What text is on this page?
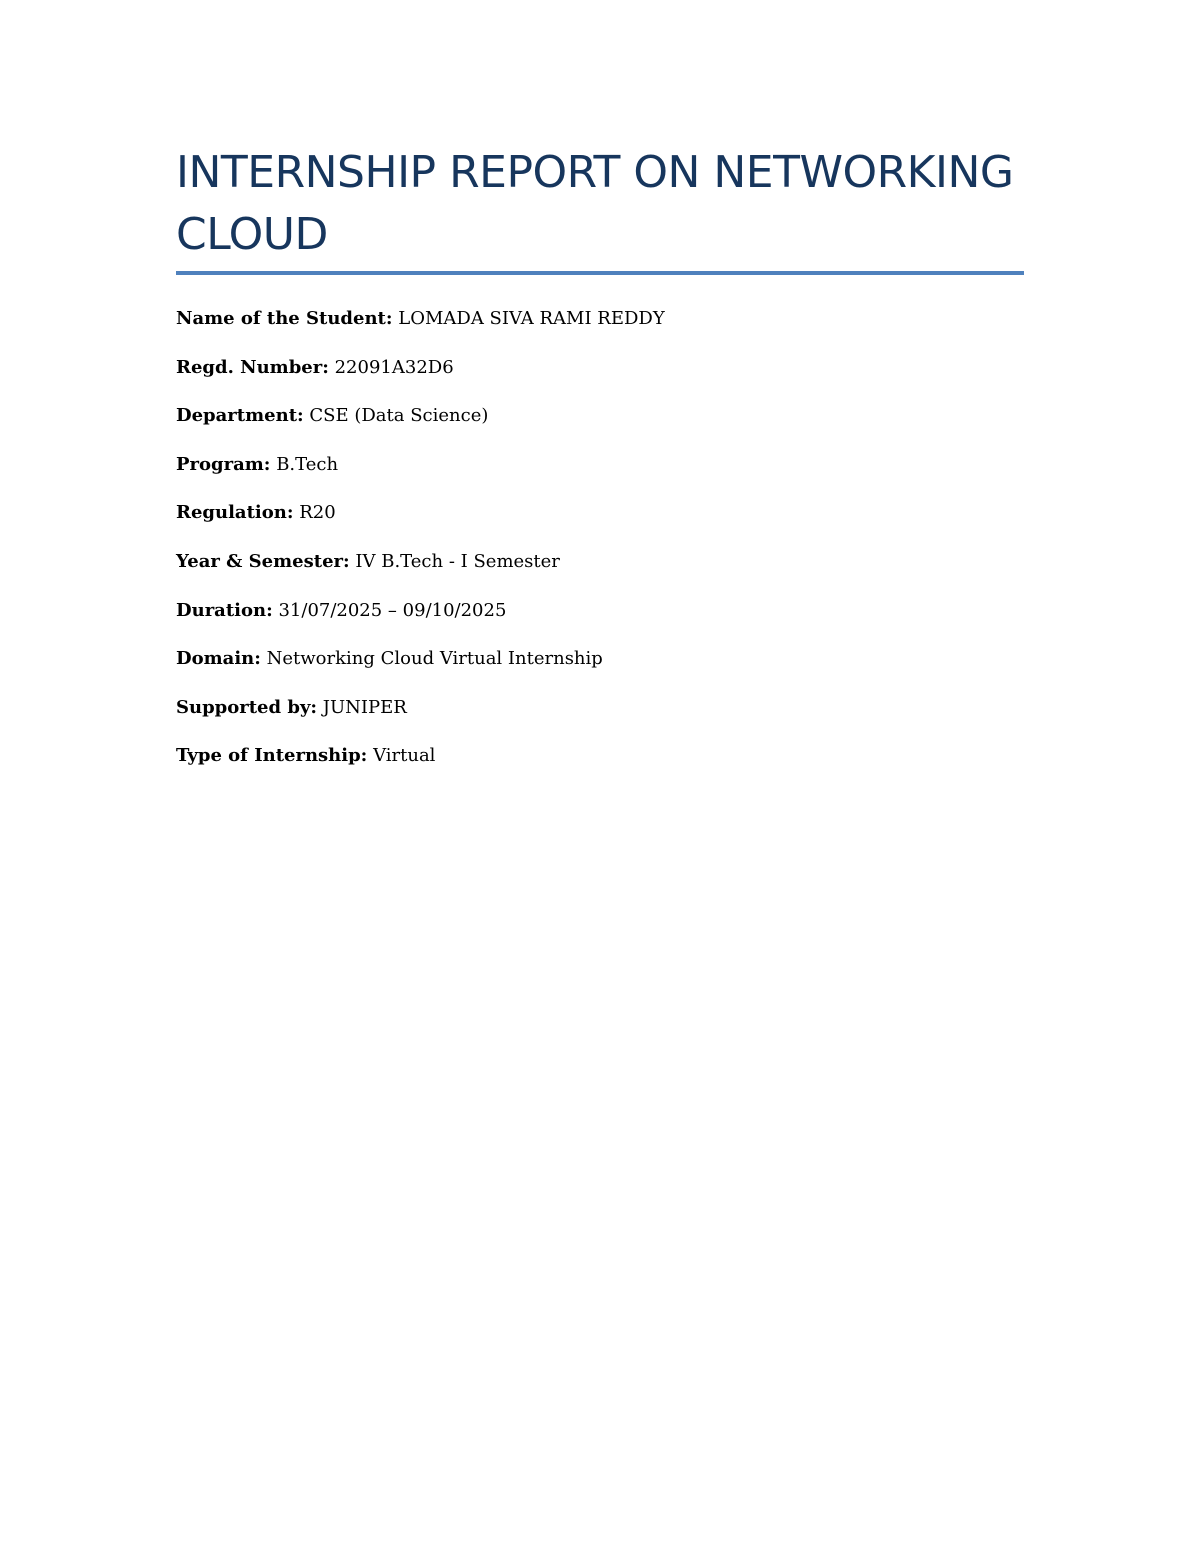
INTERNSHIP REPORT ON NETWORKING CLOUD
Name of the Student: LOMADA SIVA RAMI REDDY
Regd. Number: 22091A32D6
Department: CSE (Data Science)
Program: B.Tech
Regulation: R20
Year & Semester: IV B.Tech - I Semester
Duration: 31/07/2025 – 09/10/2025
Domain: Networking Cloud Virtual Internship
Supported by: JUNIPER
Type of Internship: Virtual
